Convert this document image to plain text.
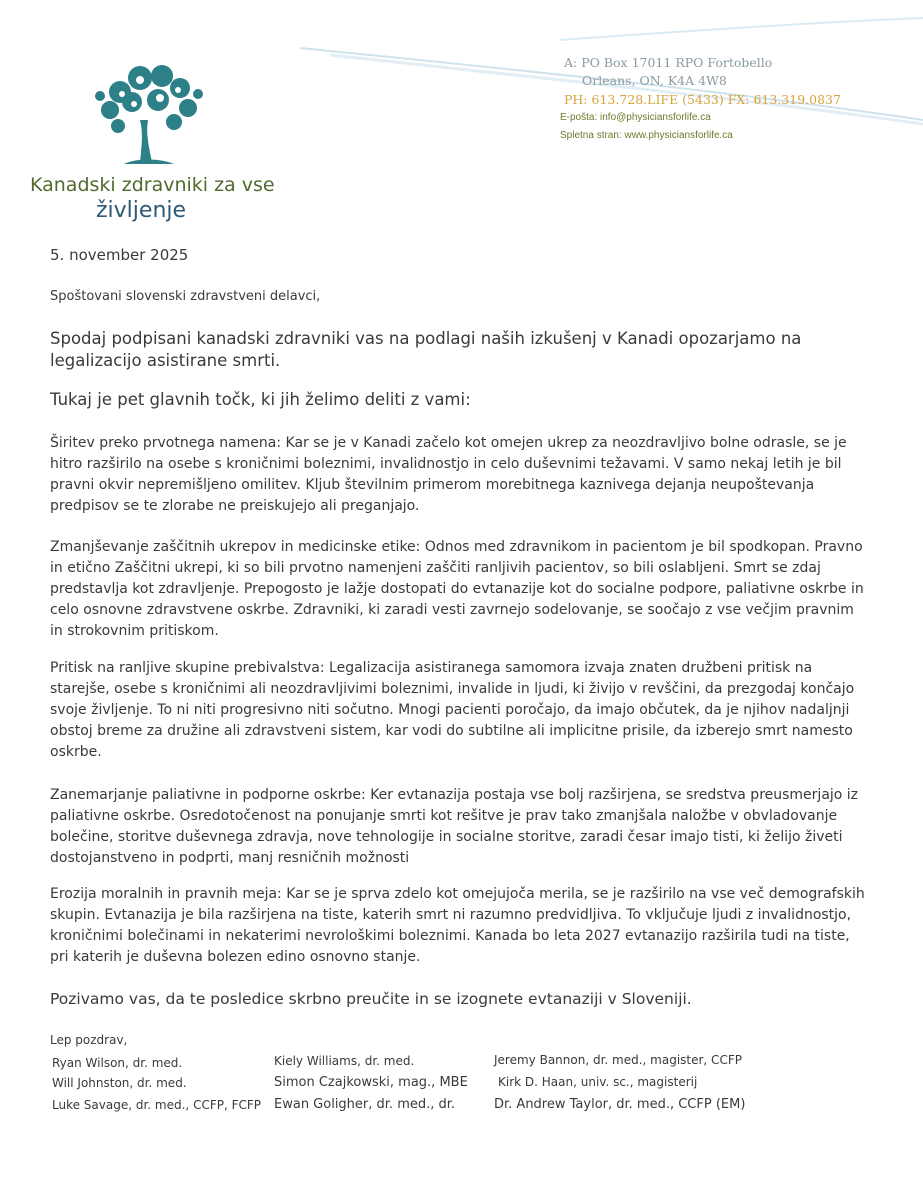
Kanadski zdravniki za vse
življenje
A: PO Box 17011 RPO Fortobello
Orleans, ON, K4A 4W8
PH: 613.728.LIFE (5433) FX: 613.319.0837
E-pošta: info@physiciansforlife.ca
Spletna stran: www.physiciansforlife.ca
5. november 2025
Spoštovani slovenski zdravstveni delavci,
Spodaj podpisani kanadski zdravniki vas na podlagi naših izkušenj v Kanadi opozarjamo na legalizacijo asistirane smrti.
Tukaj je pet glavnih točk, ki jih želimo deliti z vami:
Širitev preko prvotnega namena: Kar se je v Kanadi začelo kot omejen ukrep za neozdravljivo bolne odrasle, se je hitro razširilo na osebe s kroničnimi boleznimi, invalidnostjo in celo duševnimi težavami. V samo nekaj letih je bil pravni okvir nepremišljeno omilitev. Kljub številnim primerom morebitnega kaznivega dejanja neupoštevanja predpisov se te zlorabe ne preiskujejo ali preganjajo.
Zmanjševanje zaščitnih ukrepov in medicinske etike: Odnos med zdravnikom in pacientom je bil spodkopan. Pravno in etično Zaščitni ukrepi, ki so bili prvotno namenjeni zaščiti ranljivih pacientov, so bili oslabljeni. Smrt se zdaj predstavlja kot zdravljenje. Prepogosto je lažje dostopati do evtanazije kot do socialne podpore, paliativne oskrbe in celo osnovne zdravstvene oskrbe. Zdravniki, ki zaradi vesti zavrnejo sodelovanje, se soočajo z vse večjim pravnim in strokovnim pritiskom.
Pritisk na ranljive skupine prebivalstva: Legalizacija asistiranega samomora izvaja znaten družbeni pritisk na starejše, osebe s kroničnimi ali neozdravljivimi boleznimi, invalide in ljudi, ki živijo v revščini, da prezgodaj končajo svoje življenje. To ni niti progresivno niti sočutno. Mnogi pacienti poročajo, da imajo občutek, da je njihov nadaljnji obstoj breme za družine ali zdravstveni sistem, kar vodi do subtilne ali implicitne prisile, da izberejo smrt namesto oskrbe.
Zanemarjanje paliativne in podporne oskrbe: Ker evtanazija postaja vse bolj razširjena, se sredstva preusmerjajo iz paliativne oskrbe. Osredotočenost na ponujanje smrti kot rešitve je prav tako zmanjšala naložbe v obvladovanje bolečine, storitve duševnega zdravja, nove tehnologije in socialne storitve, zaradi česar imajo tisti, ki želijo živeti dostojanstveno in podprti, manj resničnih možnosti
Erozija moralnih in pravnih meja: Kar se je sprva zdelo kot omejujoča merila, se je razširilo na vse več demografskih skupin. Evtanazija je bila razširjena na tiste, katerih smrt ni razumno predvidljiva. To vključuje ljudi z invalidnostjo, kroničnimi bolečinami in nekaterimi nevrološkimi boleznimi. Kanada bo leta 2027 evtanazijo razširila tudi na tiste, pri katerih je duševna bolezen edino osnovno stanje.
Pozivamo vas, da te posledice skrbno preučite in se izognete evtanaziji v Sloveniji.
Lep pozdrav,
Ryan Wilson, dr. med.
Will Johnston, dr. med.
Luke Savage, dr. med., CCFP, FCFP
Kiely Williams, dr. med.
Simon Czajkowski, mag., MBE
Ewan Goligher, dr. med., dr.
Jeremy Bannon, dr. med., magister, CCFP
Kirk D. Haan, univ. sc., magisterij
Dr. Andrew Taylor, dr. med., CCFP (EM)
